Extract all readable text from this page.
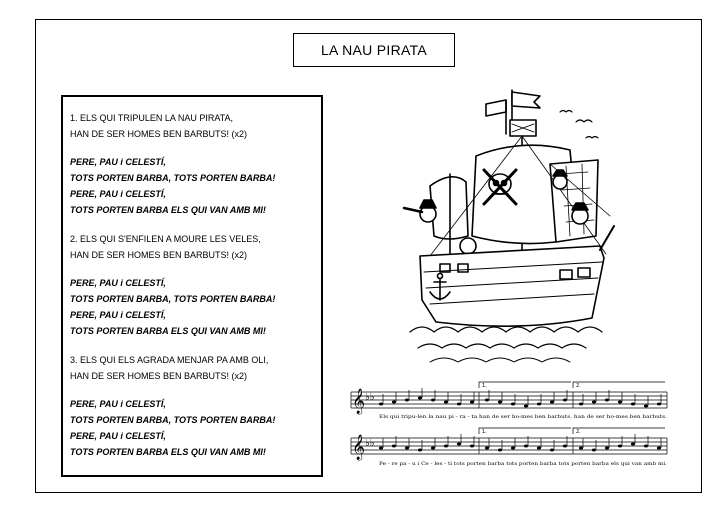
LA NAU PIRATA
1. ELS QUI TRIPULEN LA NAU PIRATA,
HAN DE SER HOMES BEN BARBUTS! (x2)
PERE, PAU i CELESTÍ,
TOTS PORTEN BARBA, TOTS PORTEN BARBA!
PERE, PAU i CELESTÍ,
TOTS PORTEN BARBA ELS QUI VAN AMB MI!
2. ELS QUI S'ENFILEN A MOURE LES VELES,
HAN DE SER HOMES BEN BARBUTS! (x2)
PERE, PAU i CELESTÍ,
TOTS PORTEN BARBA, TOTS PORTEN BARBA!
PERE, PAU i CELESTÍ,
TOTS PORTEN BARBA ELS QUI VAN AMB MI!
3. ELS QUI ELS AGRADA MENJAR PA AMB OLI,
HAN DE SER HOMES BEN BARBUTS! (x2)
PERE, PAU i CELESTÍ,
TOTS PORTEN BARBA, TOTS PORTEN BARBA!
PERE, PAU i CELESTÍ,
TOTS PORTEN BARBA ELS QUI VAN AMB MI!
𝄞 ♭♭
𝄞 ♭♭
1.	2.
1.	2.
Els qui tripu-len la nau pi - ra - ta han de ser ho-mes ben barbuts. han de ser ho-mes ben barbuts.
Pe - re pa - u i Ce - les - tí tots porten barba tots porten barba tots porten barba els qui van amb mi.
